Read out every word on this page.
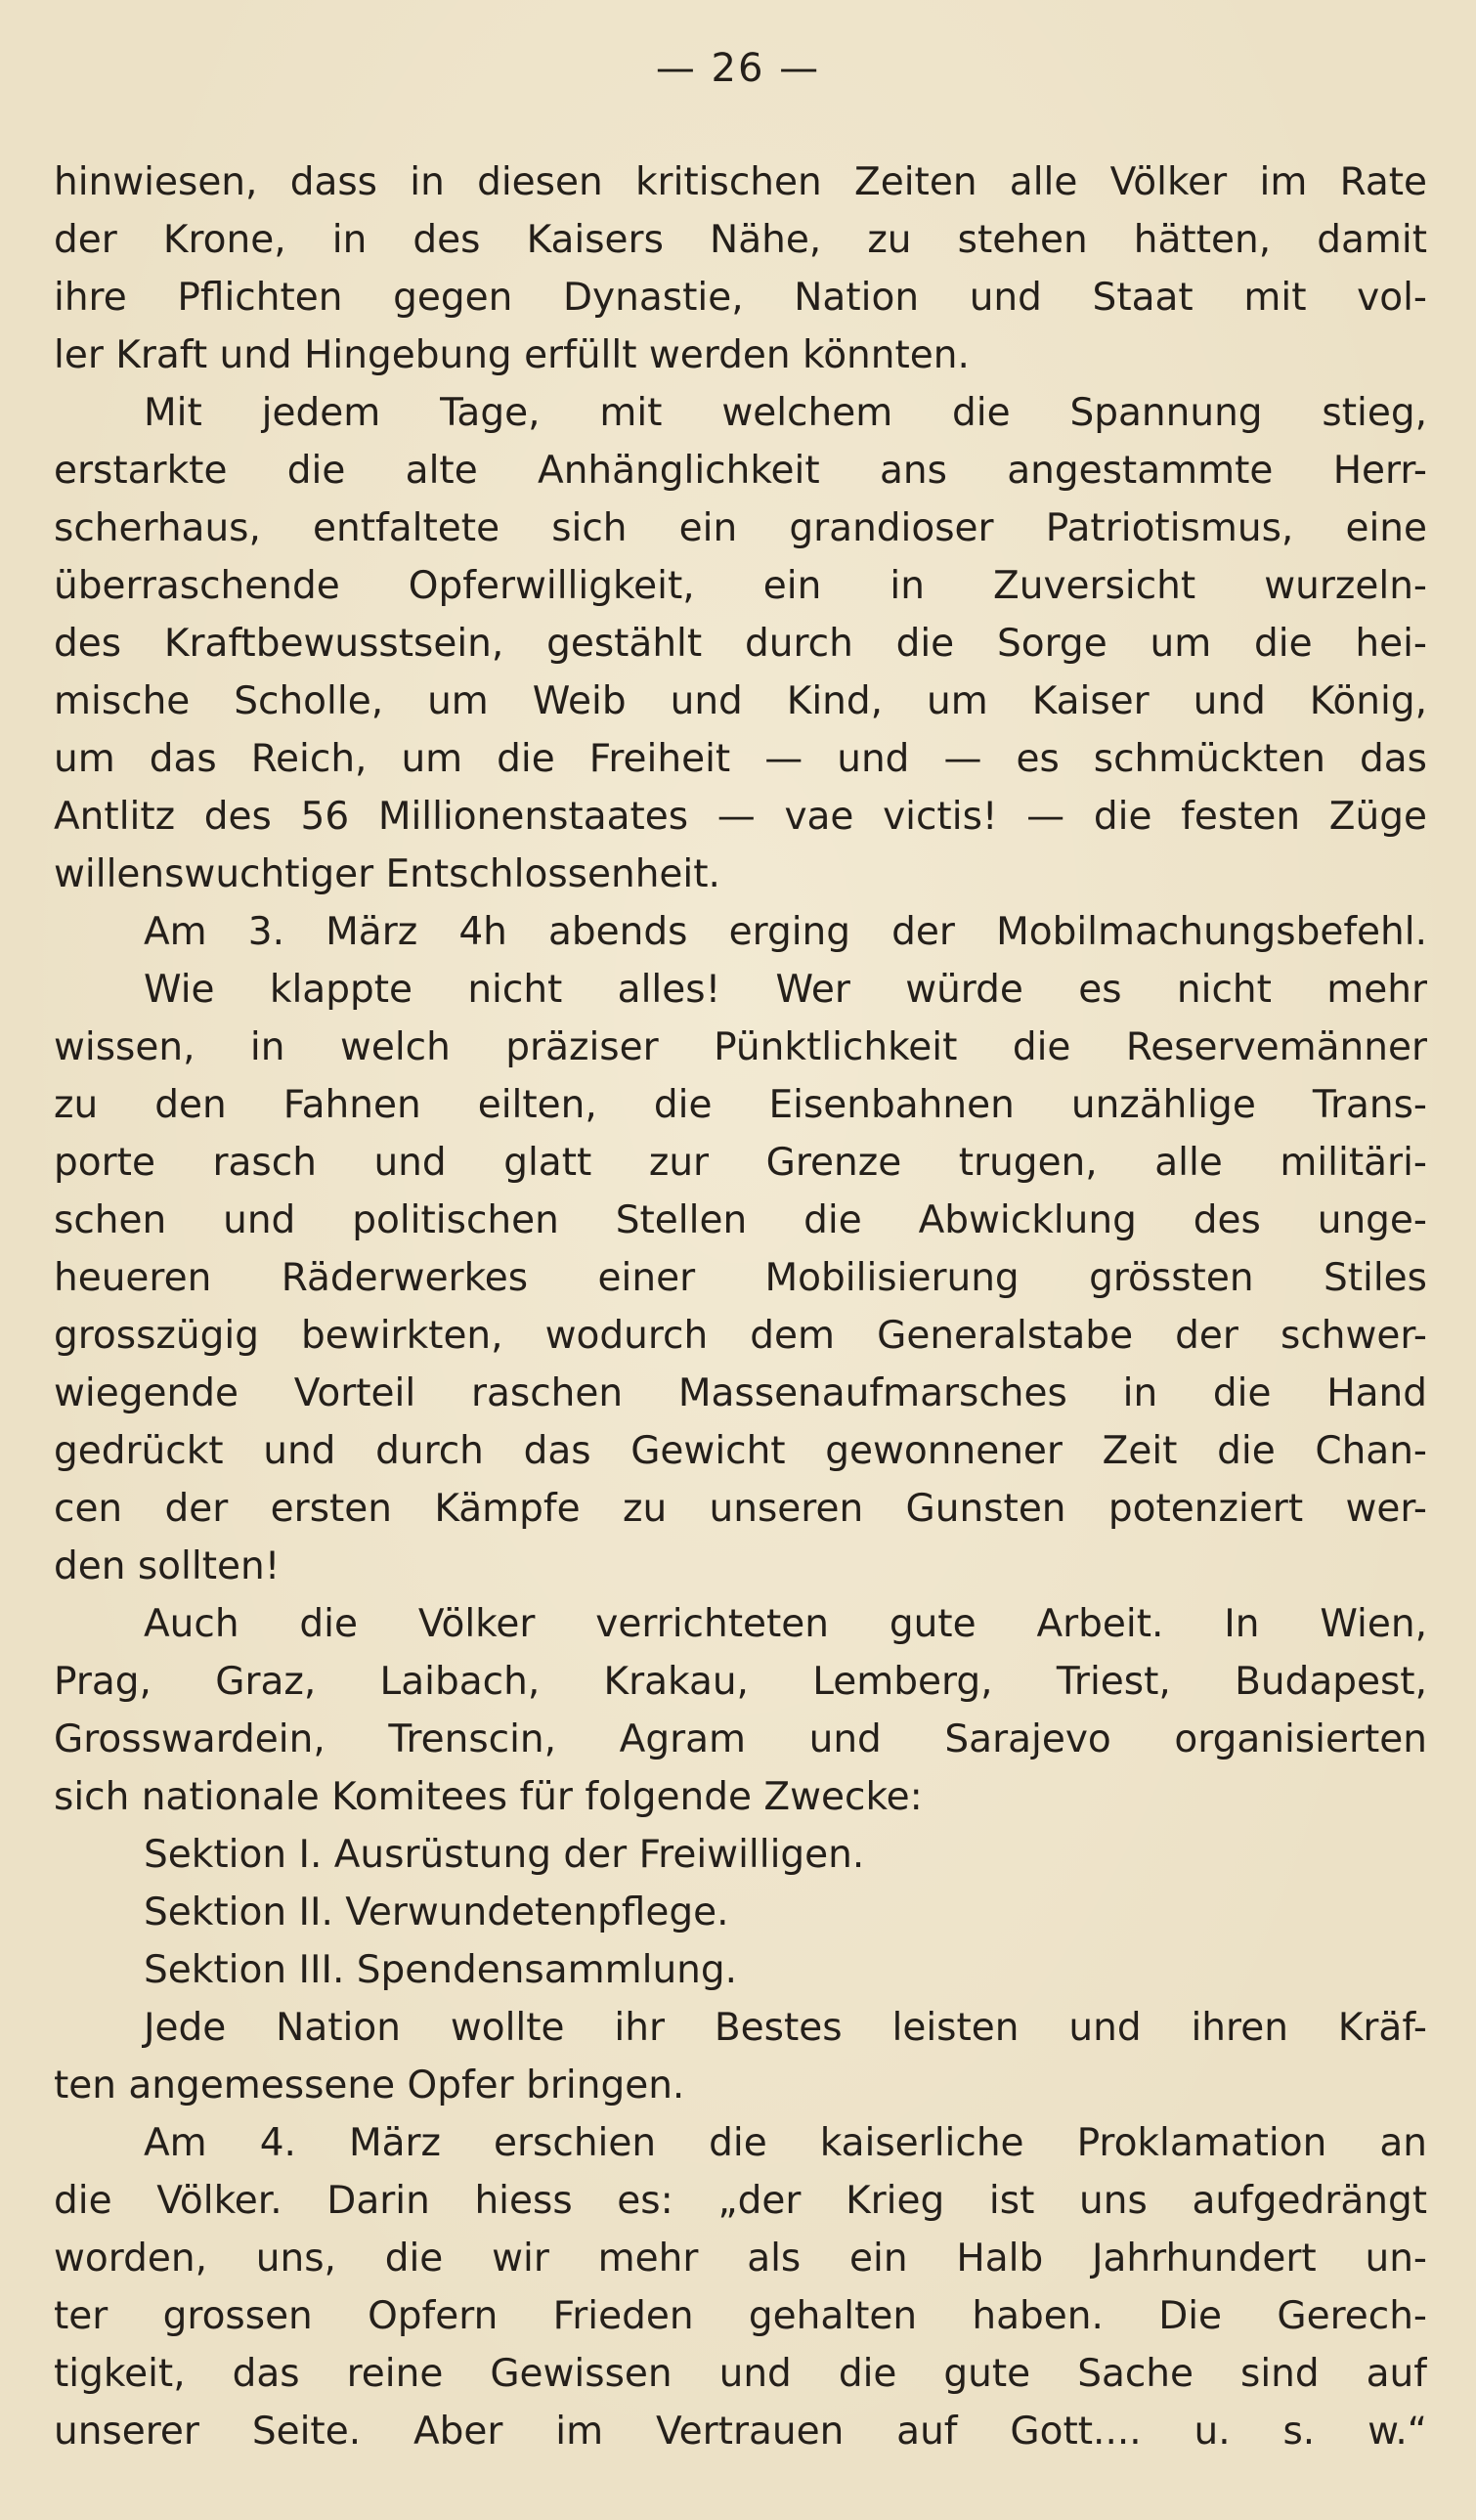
— 26 —
hinwiesen, dass in diesen kritischen Zeiten alle Völker im Rate
der Krone, in des Kaisers Nähe, zu stehen hätten, damit
ihre Pflichten gegen Dynastie, Nation und Staat mit vol-
ler Kraft und Hingebung erfüllt werden könnten.
Mit jedem Tage, mit welchem die Spannung stieg,
erstarkte die alte Anhänglichkeit ans angestammte Herr-
scherhaus, entfaltete sich ein grandioser Patriotismus, eine
überraschende Opferwilligkeit, ein in Zuversicht wurzeln-
des Kraftbewusstsein, gestählt durch die Sorge um die hei-
mische Scholle, um Weib und Kind, um Kaiser und König,
um das Reich, um die Freiheit — und — es schmückten das
Antlitz des 56 Millionenstaates — vae victis! — die festen Züge
willenswuchtiger Entschlossenheit.
Am 3. März 4h abends erging der Mobilmachungsbefehl.
Wie klappte nicht alles! Wer würde es nicht mehr
wissen, in welch präziser Pünktlichkeit die Reservemänner
zu den Fahnen eilten, die Eisenbahnen unzählige Trans-
porte rasch und glatt zur Grenze trugen, alle militäri-
schen und politischen Stellen die Abwicklung des unge-
heueren Räderwerkes einer Mobilisierung grössten Stiles
grosszügig bewirkten, wodurch dem Generalstabe der schwer-
wiegende Vorteil raschen Massenaufmarsches in die Hand
gedrückt und durch das Gewicht gewonnener Zeit die Chan-
cen der ersten Kämpfe zu unseren Gunsten potenziert wer-
den sollten!
Auch die Völker verrichteten gute Arbeit. In Wien,
Prag, Graz, Laibach, Krakau, Lemberg, Triest, Budapest,
Grosswardein, Trenscin, Agram und Sarajevo organisierten
sich nationale Komitees für folgende Zwecke:
Sektion I. Ausrüstung der Freiwilligen.
Sektion II. Verwundetenpflege.
Sektion III. Spendensammlung.
Jede Nation wollte ihr Bestes leisten und ihren Kräf-
ten angemessene Opfer bringen.
Am 4. März erschien die kaiserliche Proklamation an
die Völker. Darin hiess es: „der Krieg ist uns aufgedrängt
worden, uns, die wir mehr als ein Halb Jahrhundert un-
ter grossen Opfern Frieden gehalten haben. Die Gerech-
tigkeit, das reine Gewissen und die gute Sache sind auf
unserer Seite. Aber im Vertrauen auf Gott.... u. s. w.“
